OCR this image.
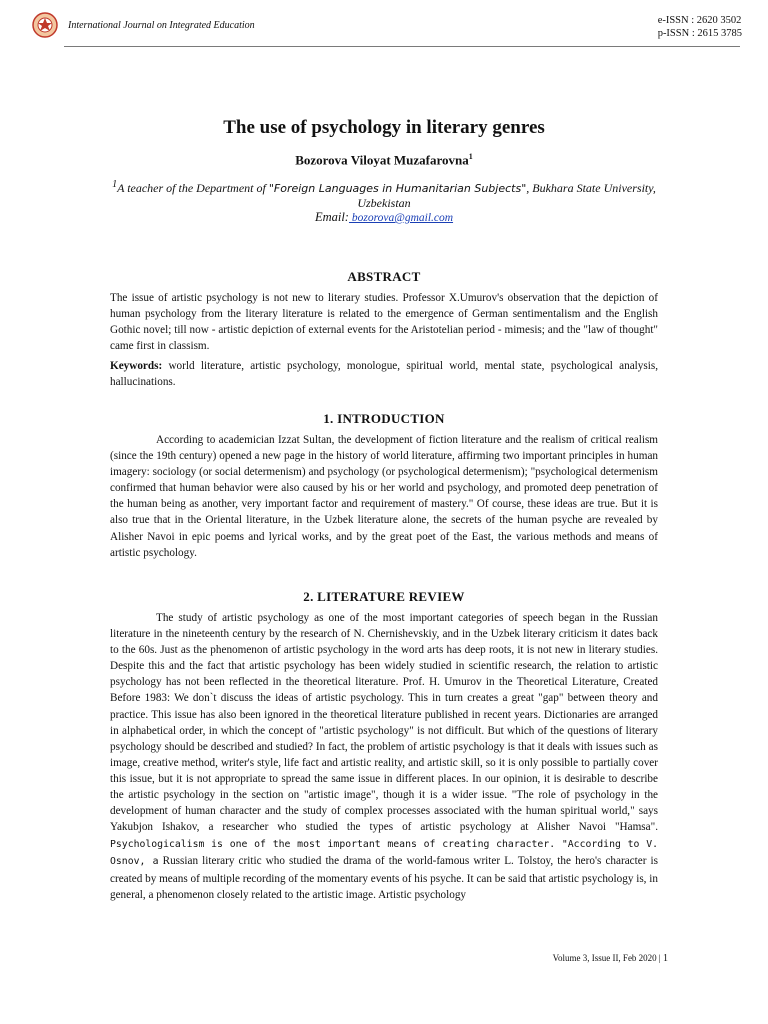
International Journal on Integrated Education	e-ISSN : 2620 3502
p-ISSN : 2615 3785
The use of psychology in literary genres
Bozorova Viloyat Muzafarovna$^1$
$^1$A teacher of the Department of "Foreign Languages in Humanitarian Subjects", Bukhara State University, Uzbekistan
Email: bozorova@gmail.com
ABSTRACT
The issue of artistic psychology is not new to literary studies. Professor X.Umurov's observation that the depiction of human psychology from the literary literature is related to the emergence of German sentimentalism and the English Gothic novel; till now - artistic depiction of external events for the Aristotelian period - mimesis; and the "law of thought" came first in classism.
Keywords: world literature, artistic psychology, monologue, spiritual world, mental state, psychological analysis, hallucinations.
1. INTRODUCTION
According to academician Izzat Sultan, the development of fiction literature and the realism of critical realism (since the 19th century) opened a new page in the history of world literature, affirming two important principles in human imagery: sociology (or social determenism) and psychology (or psychological determenism); "psychological determenism confirmed that human behavior were also caused by his or her world and psychology, and promoted deep penetration of the human being as another, very important factor and requirement of mastery." Of course, these ideas are true. But it is also true that in the Oriental literature, in the Uzbek literature alone, the secrets of the human psyche are revealed by Alisher Navoi in epic poems and lyrical works, and by the great poet of the East, the various methods and means of artistic psychology.
2. LITERATURE REVIEW
The study of artistic psychology as one of the most important categories of speech began in the Russian literature in the nineteenth century by the research of N. Chernishevskiy, and in the Uzbek literary criticism it dates back to the 60s. Just as the phenomenon of artistic psychology in the word arts has deep roots, it is not new in literary studies. Despite this and the fact that artistic psychology has been widely studied in scientific research, the relation to artistic psychology has not been reflected in the theoretical literature. Prof. H. Umurov in the Theoretical Literature, Created Before 1983: We don`t discuss the ideas of artistic psychology. This in turn creates a great "gap" between theory and practice. This issue has also been ignored in the theoretical literature published in recent years. Dictionaries are arranged in alphabetical order, in which the concept of "artistic psychology" is not difficult. But which of the questions of literary psychology should be described and studied? In fact, the problem of artistic psychology is that it deals with issues such as image, creative method, writer's style, life fact and artistic reality, and artistic skill, so it is only possible to partially cover this issue, but it is not appropriate to spread the same issue in different places. In our opinion, it is desirable to describe the artistic psychology in the section on "artistic image", though it is a wider issue. "The role of psychology in the development of human character and the study of complex processes associated with the human spiritual world," says Yakubjon Ishakov, a researcher who studied the types of artistic psychology at Alisher Navoi "Hamsa". Psychologicalism is one of the most important means of creating character. "According to V. Osnov, a Russian literary critic who studied the drama of the world-famous writer L. Tolstoy, the hero's character is created by means of multiple recording of the momentary events of his psyche. It can be said that artistic psychology is, in general, a phenomenon closely related to the artistic image. Artistic psychology
Volume 3, Issue II, Feb 2020 | 1
